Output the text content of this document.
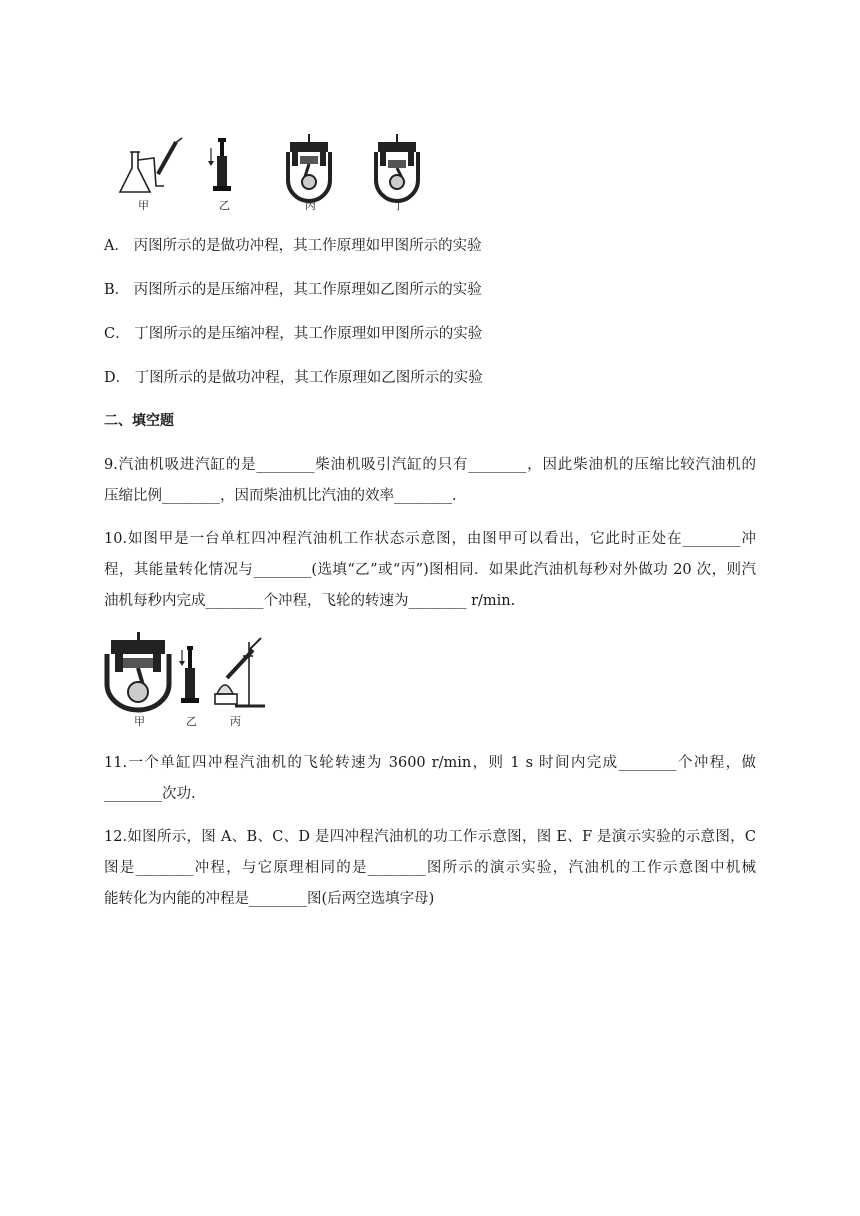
甲	乙	丙	丁
A． 丙图所示的是做功冲程，其工作原理如甲图所示的实验
B． 丙图所示的是压缩冲程，其工作原理如乙图所示的实验
C． 丁图所示的是压缩冲程，其工作原理如甲图所示的实验
D． 丁图所示的是做功冲程，其工作原理如乙图所示的实验
二、填空题
9.汽油机吸进汽缸的是________柴油机吸引汽缸的只有________，因此柴油机的压缩比较汽油机的
压缩比例________，因而柴油机比汽油的效率________.
10.如图甲是一台单杠四冲程汽油机工作状态示意图，由图甲可以看出，它此时正处在________冲
程，其能量转化情况与________(选填“乙”或“丙”)图相同．如果此汽油机每秒对外做功 20 次，则汽
油机每秒内完成________个冲程，飞轮的转速为________ r/min.
甲	乙	丙
11.一个单缸四冲程汽油机的飞轮转速为 3600 r/min，则 1 s 时间内完成________个冲程，做
________次功.
12.如图所示，图 A、B、C、D 是四冲程汽油机的功工作示意图，图 E、F 是演示实验的示意图，C
图是________冲程，与它原理相同的是________图所示的演示实验，汽油机的工作示意图中机械
能转化为内能的冲程是________图(后两空选填字母)
